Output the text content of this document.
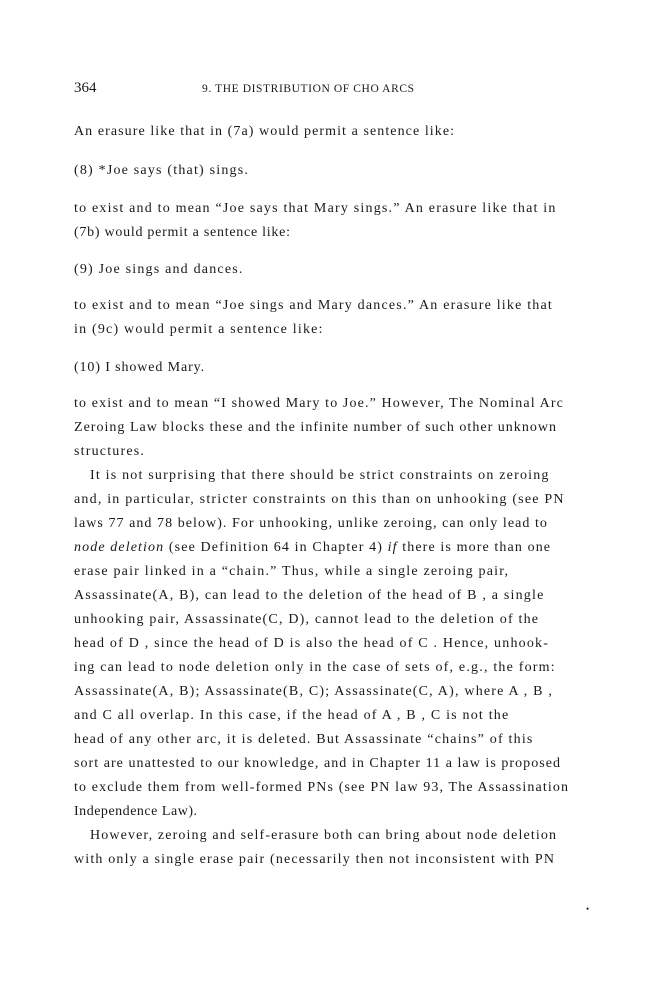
364	9. THE DISTRIBUTION OF CHO ARCS
An erasure like that in (7a) would permit a sentence like:
(8) *Joe says (that) sings.
to exist and to mean “Joe says that Mary sings.” An erasure like that in
(7b) would permit a sentence like:
(9) Joe sings and dances.
to exist and to mean “Joe sings and Mary dances.” An erasure like that
in (9c) would permit a sentence like:
(10) I showed Mary.
to exist and to mean “I showed Mary to Joe.” However, The Nominal Arc
Zeroing Law blocks these and the infinite number of such other unknown
structures.
It is not surprising that there should be strict constraints on zeroing
and, in particular, stricter constraints on this than on unhooking (see PN
laws 77 and 78 below). For unhooking, unlike zeroing, can only lead to
node deletion (see Definition 64 in Chapter 4) if there is more than one
erase pair linked in a “chain.” Thus, while a single zeroing pair,
Assassinate(A, B), can lead to the deletion of the head of B , a single
unhooking pair, Assassinate(C, D), cannot lead to the deletion of the
head of D , since the head of D is also the head of C . Hence, unhook-
ing can lead to node deletion only in the case of sets of, e.g., the form:
Assassinate(A, B); Assassinate(B, C); Assassinate(C, A), where A , B ,
and C all overlap. In this case, if the head of A , B , C is not the
head of any other arc, it is deleted. But Assassinate “chains” of this
sort are unattested to our knowledge, and in Chapter 11 a law is proposed
to exclude them from well-formed PNs (see PN law 93, The Assassination
Independence Law).
However, zeroing and self-erasure both can bring about node deletion
with only a single erase pair (necessarily then not inconsistent with PN
•
